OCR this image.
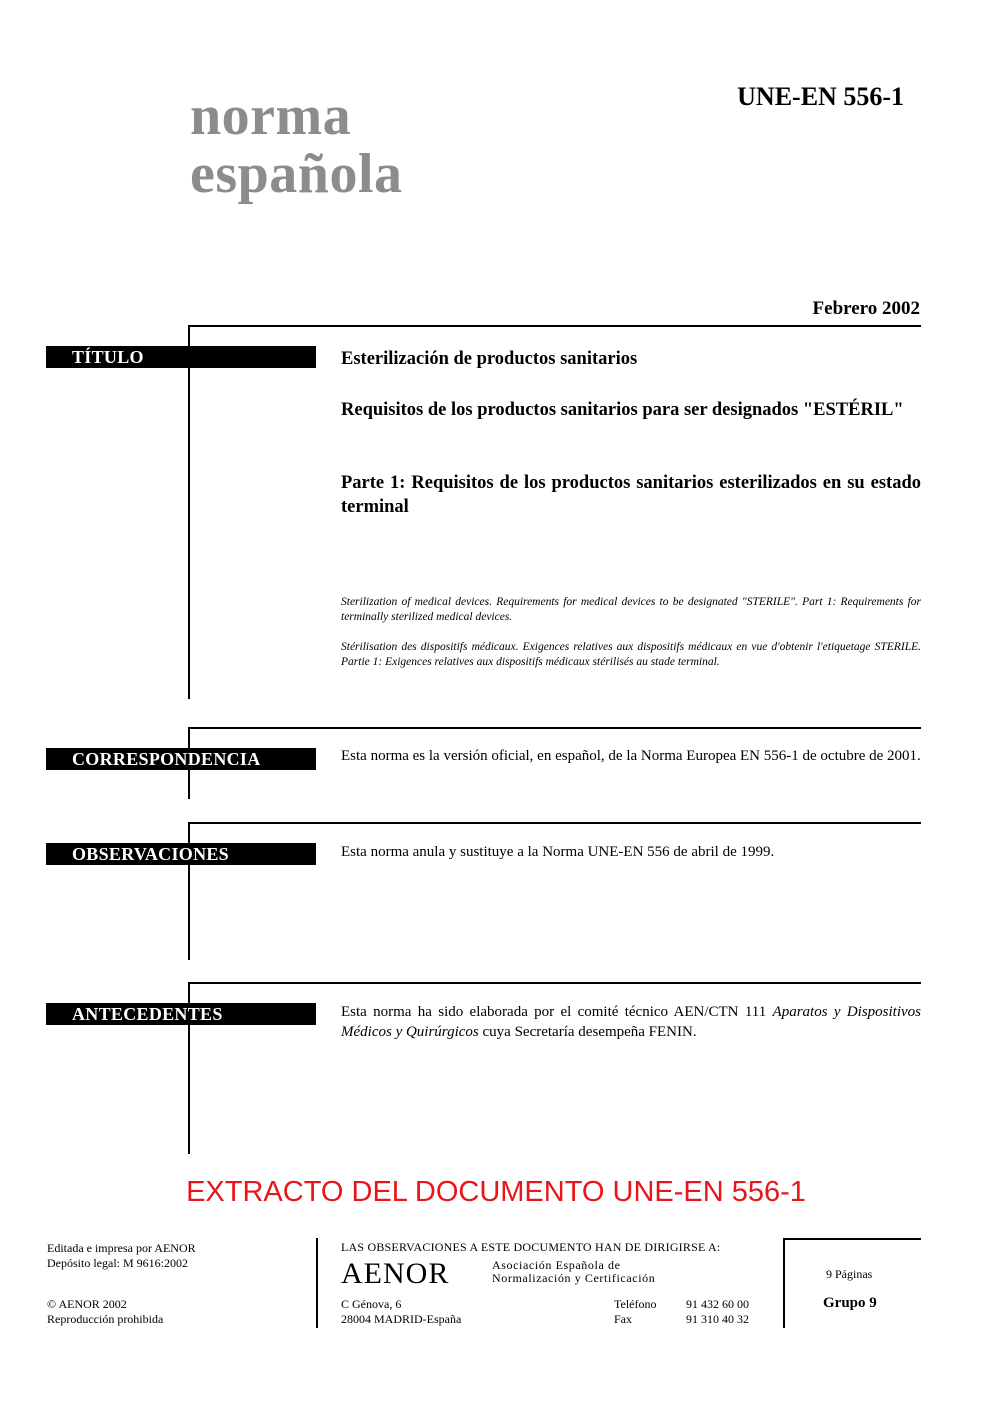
norma
española
UNE-EN 556-1
Febrero 2002
TÍTULO	Esterilización de productos sanitarios
Requisitos de los productos sanitarios para ser designados "ESTÉRIL"
Parte 1: Requisitos de los productos sanitarios esterilizados en su estado terminal
Sterilization of medical devices. Requirements for medical devices to be designated "STERILE". Part 1: Requirements for terminally sterilized medical devices.
Stérilisation des dispositifs médicaux. Exigences relatives aux dispositifs médicaux en vue d'obtenir l'etiquetage STERILE. Partie 1: Exigences relatives aux dispositifs médicaux stérilisés au stade terminal.
CORRESPONDENCIA	Esta norma es la versión oficial, en español, de la Norma Europea EN 556-1 de octubre de 2001.
OBSERVACIONES	Esta norma anula y sustituye a la Norma UNE-EN 556 de abril de 1999.
ANTECEDENTES	Esta norma ha sido elaborada por el comité técnico AEN/CTN 111 Aparatos y Dispositivos Médicos y Quirúrgicos cuya Secretaría desempeña FENIN.
EXTRACTO DEL DOCUMENTO UNE-EN 556-1
Editada e impresa por AENOR
Depósito legal: M 9616:2002
© AENOR 2002
Reproducción prohibida
LAS OBSERVACIONES A ESTE DOCUMENTO HAN DE DIRIGIRSE A:
AENOR	Asociación Española de
Normalización y Certificación
C Génova, 6
28004 MADRID-España
Teléfono 91 432 60 00
Fax	91 310 40 32
9 Páginas
Grupo 9
